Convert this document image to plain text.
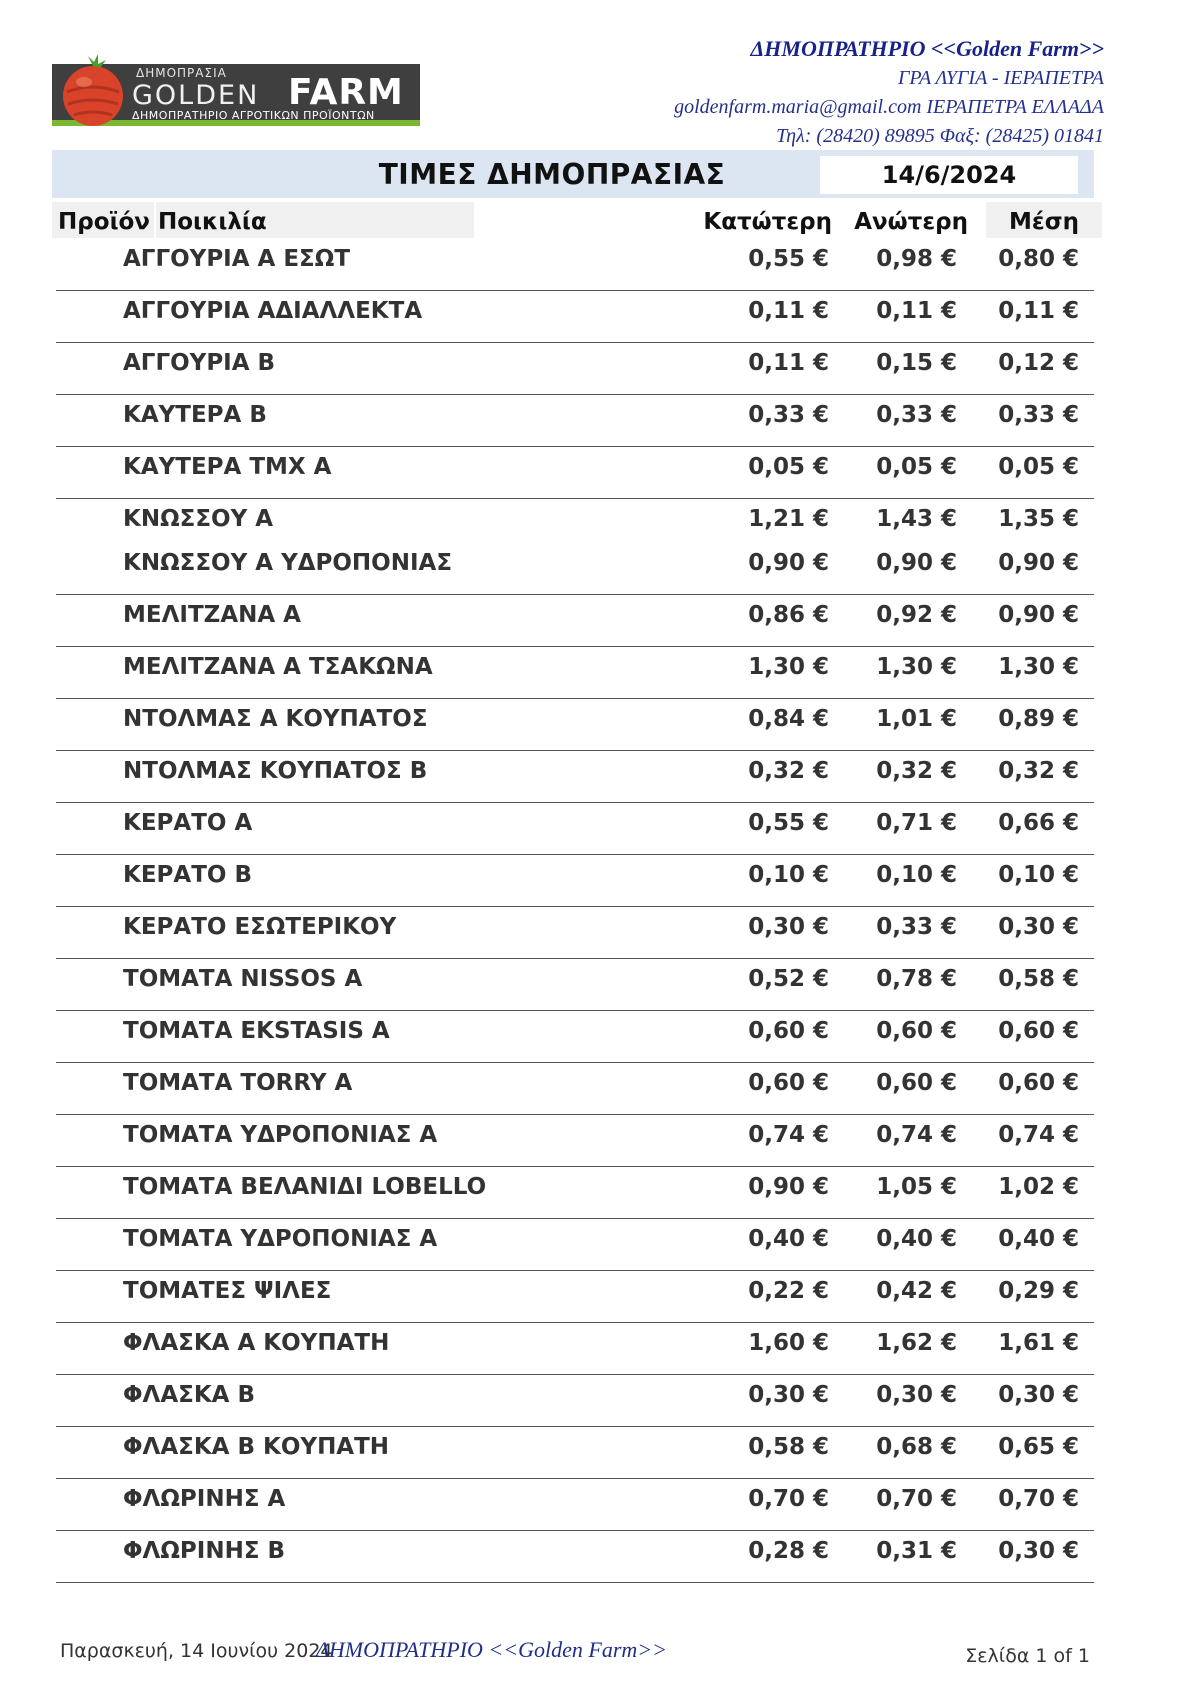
ΔΗΜΟΠΡΑΣΙΑ
GOLDEN FARM
ΔΗΜΟΠΡΑΤΗΡΙΟ ΑΓΡΟΤΙΚΩΝ ΠΡΟΪΟΝΤΩΝ
ΔΗΜΟΠΡΑΤΗΡΙΟ <<Golden Farm>>
ΓΡΑ ΛΥΓΙΑ - ΙΕΡΑΠΕΤΡΑ
goldenfarm.maria@gmail.com ΙΕΡΑΠΕΤΡΑ ΕΛΛΑΔΑ
Τηλ: (28420) 89895 Φαξ: (28425) 01841
ΤΙΜΕΣ ΔΗΜΟΠΡΑΣΙΑΣ	14/6/2024
Προϊόν Ποικιλία	Κατώτερη Ανώτερη	Μέση
ΑΓΓΟΥΡΙΑ Α ΕΣΩΤ	0,55 € 0,98 € 0,80 €
ΑΓΓΟΥΡΙΑ ΑΔΙΑΛΛΕΚΤΑ	0,11 € 0,11 € 0,11 €
ΑΓΓΟΥΡΙΑ Β	0,11 € 0,15 € 0,12 €
ΚΑΥΤΕΡΑ Β	0,33 € 0,33 € 0,33 €
ΚΑΥΤΕΡΑ ΤΜΧ Α	0,05 € 0,05 € 0,05 €
ΚΝΩΣΣΟΥ Α	1,21 € 1,43 € 1,35 €
ΚΝΩΣΣΟΥ Α ΥΔΡΟΠΟΝΙΑΣ	0,90 € 0,90 € 0,90 €
ΜΕΛΙΤΖΑΝΑ Α	0,86 € 0,92 € 0,90 €
ΜΕΛΙΤΖΑΝΑ Α ΤΣΑΚΩΝΑ	1,30 € 1,30 € 1,30 €
ΝΤΟΛΜΑΣ Α ΚΟΥΠΑΤΟΣ	0,84 € 1,01 € 0,89 €
ΝΤΟΛΜΑΣ ΚΟΥΠΑΤΟΣ Β	0,32 € 0,32 € 0,32 €
ΚΕΡΑΤΟ Α	0,55 € 0,71 € 0,66 €
ΚΕΡΑΤΟ Β	0,10 € 0,10 € 0,10 €
ΚΕΡΑΤΟ ΕΣΩΤΕΡΙΚΟΥ	0,30 € 0,33 € 0,30 €
ΤΟΜΑΤΑ NISSOS Α	0,52 € 0,78 € 0,58 €
ΤΟΜΑΤΑ EKSTASIS Α	0,60 € 0,60 € 0,60 €
ΤΟΜΑΤΑ TORRY Α	0,60 € 0,60 € 0,60 €
ΤΟΜΑΤΑ ΥΔΡΟΠΟΝΙΑΣ Α	0,74 € 0,74 € 0,74 €
ΤΟΜΑΤΑ ΒΕΛΑΝΙΔΙ LOBELLO	0,90 € 1,05 € 1,02 €
ΤΟΜΑΤΑ ΥΔΡΟΠΟΝΙΑΣ Α	0,40 € 0,40 € 0,40 €
ΤΟΜΑΤΕΣ ΨΙΛΕΣ	0,22 € 0,42 € 0,29 €
ΦΛΑΣΚΑ Α ΚΟΥΠΑΤΗ	1,60 € 1,62 € 1,61 €
ΦΛΑΣΚΑ Β	0,30 € 0,30 € 0,30 €
ΦΛΑΣΚΑ Β ΚΟΥΠΑΤΗ	0,58 € 0,68 € 0,65 €
ΦΛΩΡΙΝΗΣ Α	0,70 € 0,70 € 0,70 €
ΦΛΩΡΙΝΗΣ Β	0,28 € 0,31 € 0,30 €
Παρασκευή, 14 Ιουνίου 2024
ΔΗΜΟΠΡΑΤΗΡΙΟ <<Golden Farm>>	Σελίδα 1 of 1
